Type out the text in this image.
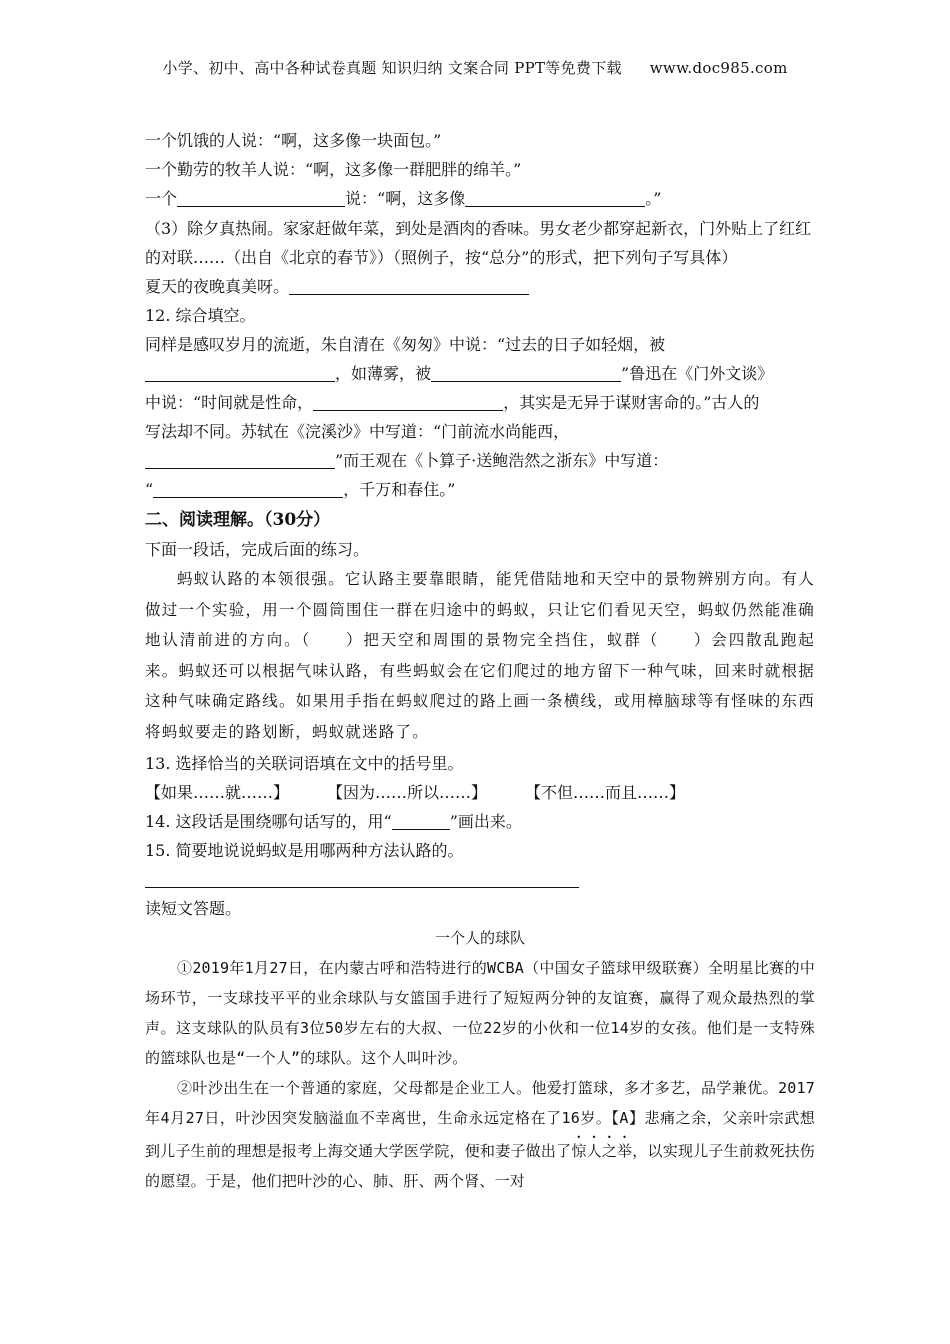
小学、初中、高中各种试卷真题 知识归纳 文案合同 PPT等免费下载 www.doc985.com
一个饥饿的人说：“啊，这多像一块面包。”
一个勤劳的牧羊人说：“啊，这多像一群肥胖的绵羊。”
一个	说：“啊，这多像	。”
（3）除夕真热闹。家家赶做年菜，到处是酒肉的香味。男女老少都穿起新衣，门外贴上了红红的对联……（出自《北京的春节》）（照例子，按“总分”的形式，把下列句子写具体）
夏天的夜晚真美呀。
12. 综合填空。
同样是感叹岁月的流逝，朱自清在《匆匆》中说：“过去的日子如轻烟，被
，如薄雾，被	”鲁迅在《门外文谈》
中说：“时间就是性命，	，其实是无异于谋财害命的。”古人的
写法却不同。苏轼在《浣溪沙》中写道：“门前流水尚能西，
”而王观在《卜算子·送鲍浩然之浙东》中写道：
“	，千万和春住。”
二、阅读理解。（30分）
下面一段话，完成后面的练习。
蚂蚁认路的本领很强。它认路主要靠眼睛，能凭借陆地和天空中的景物辨别方向。有人做过一个实验，用一个圆筒围住一群在归途中的蚂蚁，只让它们看见天空，蚂蚁仍然能准确地认清前进的方向。（　　）把天空和周围的景物完全挡住，蚁群（　　）会四散乱跑起来。蚂蚁还可以根据气味认路，有些蚂蚁会在它们爬过的地方留下一种气味，回来时就根据这种气味确定路线。如果用手指在蚂蚁爬过的路上画一条横线，或用樟脑球等有怪味的东西将蚂蚁要走的路划断，蚂蚁就迷路了。
13. 选择恰当的关联词语填在文中的括号里。
【如果……就……】 【因为……所以……】 【不但……而且……】
14. 这段话是围绕哪句话写的，用“	”画出来。
15. 简要地说说蚂蚁是用哪两种方法认路的。
读短文答题。
一个人的球队
①2019年1月27日，在内蒙古呼和浩特进行的WCBA（中国女子篮球甲级联赛）全明星比赛的中场环节，一支球技平平的业余球队与女篮国手进行了短短两分钟的友谊赛，赢得了观众最热烈的掌声。这支球队的队员有3位50岁左右的大叔、一位22岁的小伙和一位14岁的女孩。他们是一支特殊的篮球队也是“一个人”的球队。这个人叫叶沙。
②叶沙出生在一个普通的家庭，父母都是企业工人。他爱打篮球，多才多艺，品学兼优。2017年4月27日，叶沙因突发脑溢血不幸离世，生命永远定格在了16岁。【A】悲痛之余，父亲叶宗武想到儿子生前的理想是报考上海交通大学医学院，便和妻子做出了惊人之举，以实现儿子生前救死扶伤的愿望。于是，他们把叶沙的心、肺、肝、两个肾、一对
